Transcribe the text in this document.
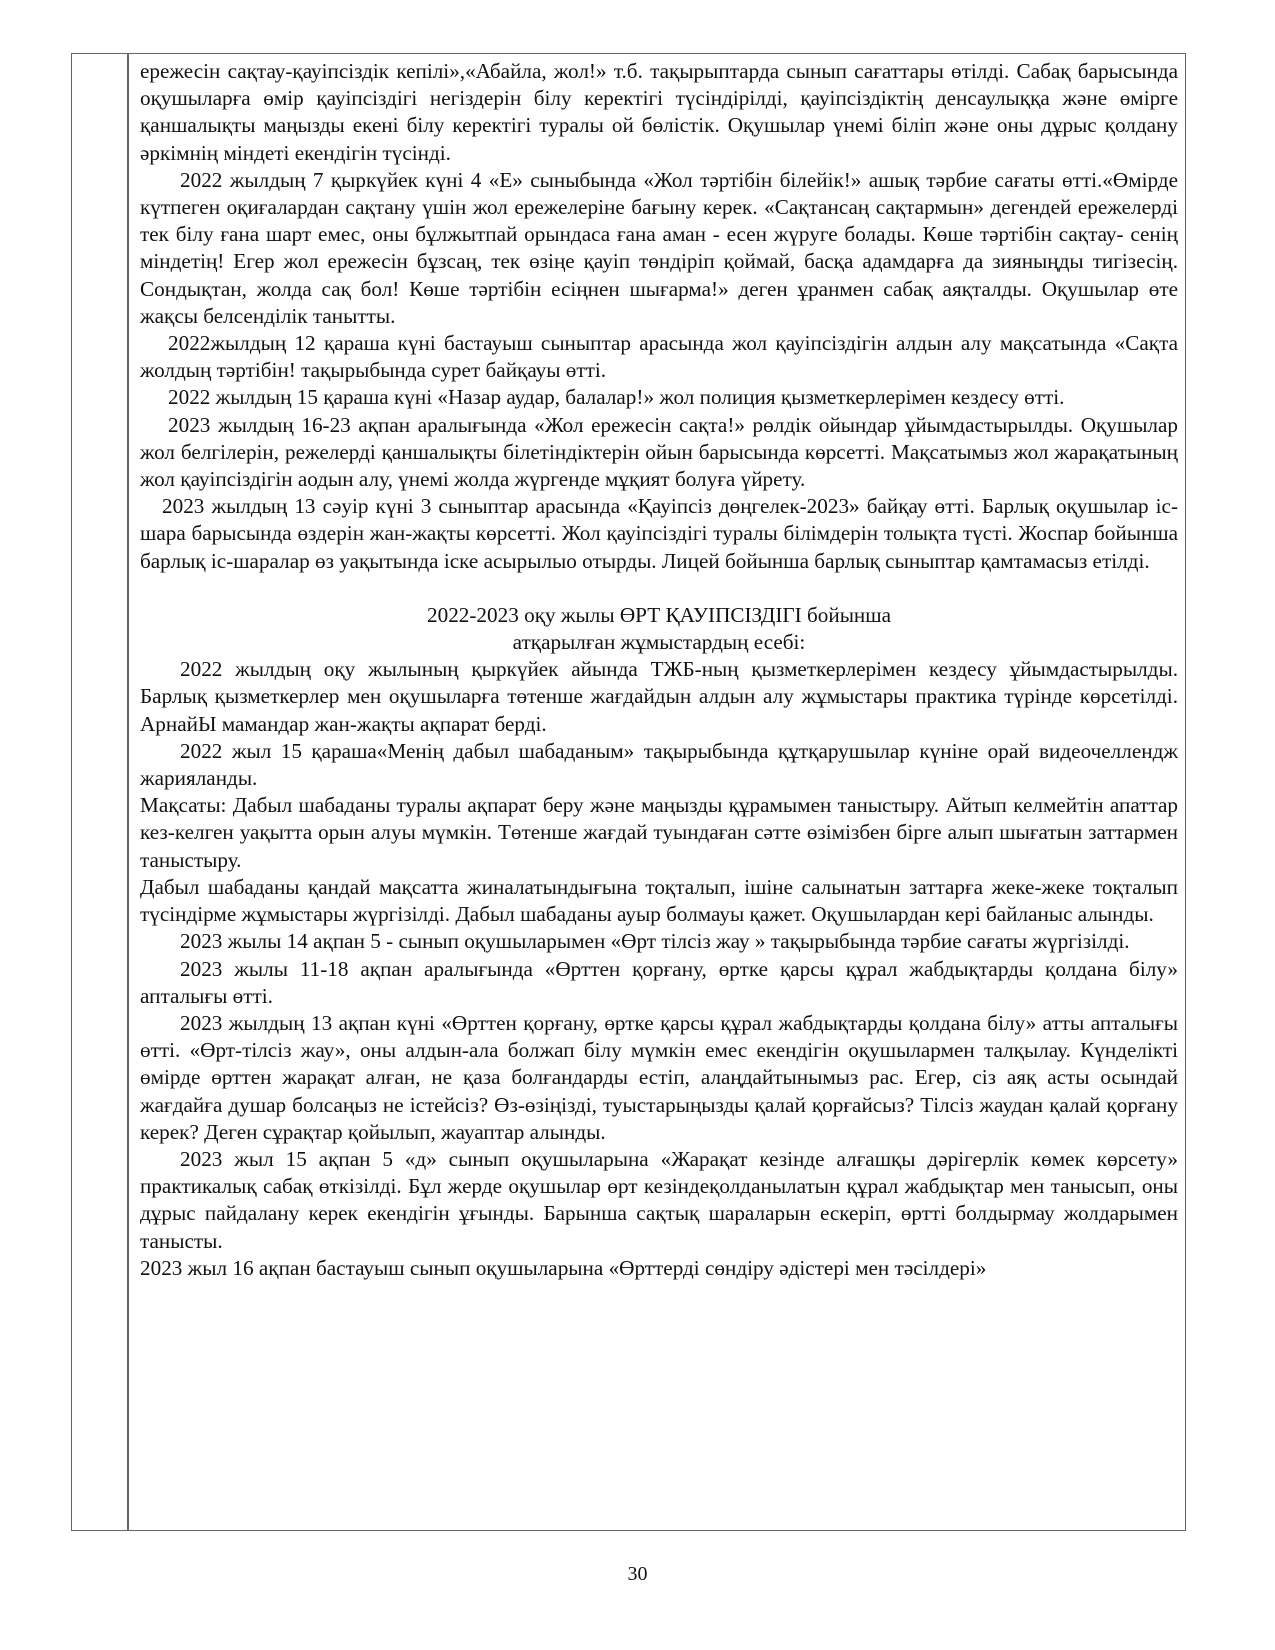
ережесін сақтау-қауіпсіздік кепілі»,«Абайла, жол!» т.б. тақырыптарда сынып сағаттары өтілді. Сабақ барысында оқушыларға өмір қауіпсіздігі негіздерін білу керектігі түсіндірілді, қауіпсіздіктің денсаулыққа және өмірге қаншалықты маңызды екені білу керектігі туралы ой бөлістік. Оқушылар үнемі біліп және оны дұрыс қолдану әркімнің міндеті екендігін түсінді.

2022 жылдың 7 қыркүйек күні 4 «Е» сыныбында «Жол тәртібін білейік!» ашық тәрбие сағаты өтті.«Өмірде күтпеген оқиғалардан сақтану үшін жол ережелеріне бағыну керек. «Сақтансаң сақтармын» дегендей ережелерді тек білу ғана шарт емес, оны бұлжытпай орындаса ғана аман - есен жүруге болады. Көше тәртібін сақтау- сенің міндетің! Егер жол ережесін бұзсаң, тек өзіңе қауіп төндіріп қоймай, басқа адамдарға да зияныңды тигізесің. Сондықтан, жолда сақ бол! Көше тәртібін есіңнен шығарма!» деген ұранмен сабақ аяқталды. Оқушылар өте жақсы белсенділік танытты.

2022жылдың 12 қараша күні бастауыш сыныптар арасында жол қауіпсіздігін алдын алу мақсатында «Сақта жолдың тәртібін! тақырыбында сурет байқауы өтті.

2022 жылдың 15 қараша күні «Назар аудар, балалар!» жол полиция қызметкерлерімен кездесу өтті.

2023 жылдың 16-23 ақпан аралығында «Жол ережесін сақта!» рөлдік ойындар ұйымдастырылды. Оқушылар жол белгілерін, режелерді қаншалықты білетіндіктерін ойын барысында көрсетті. Мақсатымыз жол жарақатының жол қауіпсіздігін аодын алу, үнемі жолда жүргенде мұқият болуға үйрету.

2023 жылдың 13 сәуір күні 3 сыныптар арасында «Қауіпсіз дөңгелек-2023» байқау өтті. Барлық оқушылар іс-шара барысында өздерін жан-жақты көрсетті. Жол қауіпсіздігі туралы білімдерін толықта түсті. Жоспар бойынша барлық іс-шаралар өз уақытында іске асырылыо отырды. Лицей бойынша барлық сыныптар қамтамасыз етілді.

2022-2023 оқу жылы ӨРТ ҚАУІПСІЗДІГІ бойынша

атқарылған жұмыстардың есебі:

2022 жылдың оқу жылының қыркүйек айында ТЖБ-ның қызметкерлерімен кездесу ұйымдастырылды. Барлық қызметкерлер мен оқушыларға төтенше жағдайдын алдын алу жұмыстары практика түрінде көрсетілді. АрнайЫ мамандар жан-жақты ақпарат берді.

2022 жыл 15 қараша«Менің дабыл шабаданым» тақырыбында құтқарушылар күніне орай видеочеллендж жарияланды.

Мақсаты: Дабыл шабаданы туралы ақпарат беру және маңызды құрамымен таныстыру. Айтып келмейтін апаттар кез-келген уақытта орын алуы мүмкін. Төтенше жағдай туындаған сәтте өзімізбен бірге алып шығатын заттармен таныстыру.

Дабыл шабаданы қандай мақсатта жиналатындығына тоқталып, ішіне салынатын заттарға жеке-жеке тоқталып түсіндірме жұмыстары жүргізілді. Дабыл шабаданы ауыр болмауы қажет. Оқушылардан кері байланыс алынды.

2023 жылы 14 ақпан 5 - сынып оқушыларымен «Өрт тілсіз жау » тақырыбында тәрбие сағаты жүргізілді.

2023 жылы 11-18 ақпан аралығында «Өрттен қорғану, өртке қарсы құрал жабдықтарды қолдана білу» апталығы өтті.

2023 жылдың 13 ақпан күні «Өрттен қорғану, өртке қарсы құрал жабдықтарды қолдана білу» атты апталығы өтті. «Өрт-тілсіз жау», оны алдын-ала болжап білу мүмкін емес екендігін оқушылармен талқылау. Күнделікті өмірде өрттен жарақат алған, не қаза болғандарды естіп, алаңдайтынымыз рас. Егер, сіз аяқ асты осындай жағдайға душар болсаңыз не істейсіз? Өз-өзіңізді, туыстарыңызды қалай қорғайсыз? Тілсіз жаудан қалай қорғану керек? Деген сұрақтар қойылып, жауаптар алынды.

2023 жыл 15 ақпан 5 «д» сынып оқушыларына «Жарақат кезінде алғашқы дәрігерлік көмек көрсету» практикалық сабақ өткізілді. Бұл жерде оқушылар өрт кезіндеқолданылатын құрал жабдықтар мен танысып, оны дұрыс пайдалану керек екендігін ұғынды. Барынша сақтық шараларын ескеріп, өртті болдырмау жолдарымен танысты.

2023 жыл 16 ақпан бастауыш сынып оқушыларына «Өрттерді сөндіру әдістері мен тәсілдері»

30
